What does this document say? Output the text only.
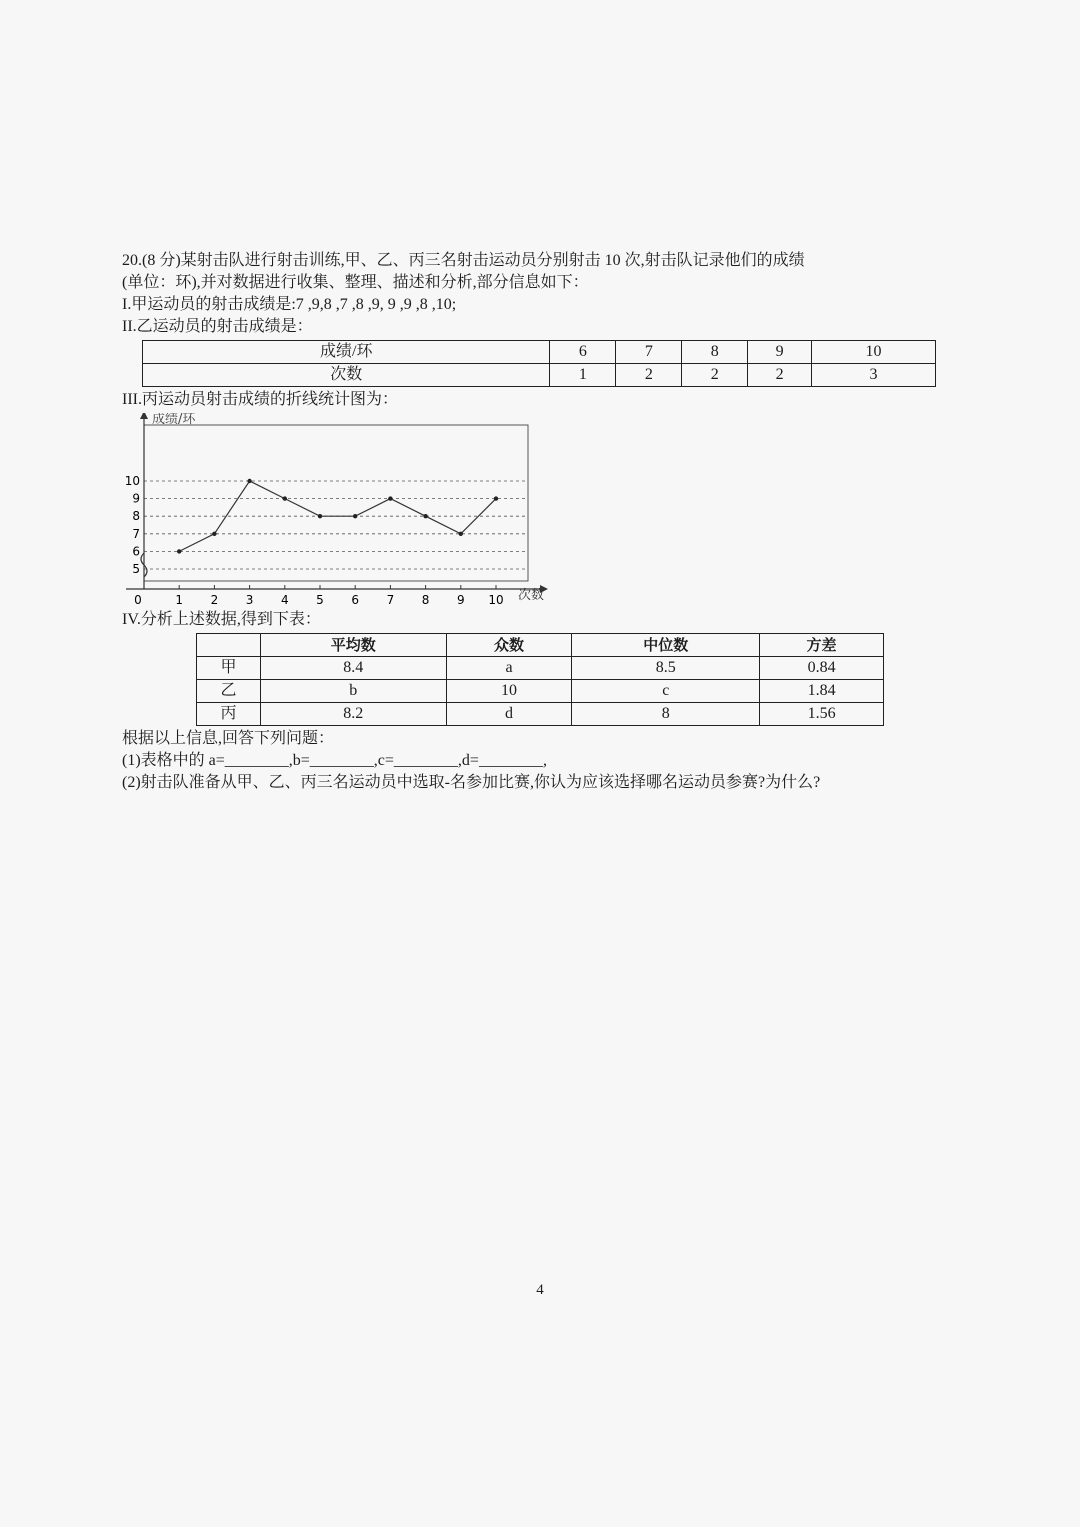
20.(8 分)某射击队进行射击训练,甲、乙、丙三名射击运动员分别射击 10 次,射击队记录他们的成绩

(单位：环),并对数据进行收集、整理、描述和分析,部分信息如下：

I.甲运动员的射击成绩是:7 ,9,8 ,7 ,8 ,9, 9 ,9 ,8 ,10;

II.乙运动员的射击成绩是：

成绩/环	6	7	8	9	10
次数	1	2	2	2	3

III.丙运动员射击成绩的折线统计图为：

成绩/环
次数
5
6
7
8
9
10
0	1 2 3 4 5 6 7 8 9 10

IV.分析上述数据,得到下表：

	平均数	众数	中位数	方差
甲	8.4	a	8.5	0.84
乙	b	10	c	1.84
丙	8.2	d	8	1.56

根据以上信息,回答下列问题：

(1)表格中的 a=________,b=________,c=________,d=________,

(2)射击队准备从甲、乙、丙三名运动员中选取-名参加比赛,你认为应该选择哪名运动员参赛?为什么?

4
